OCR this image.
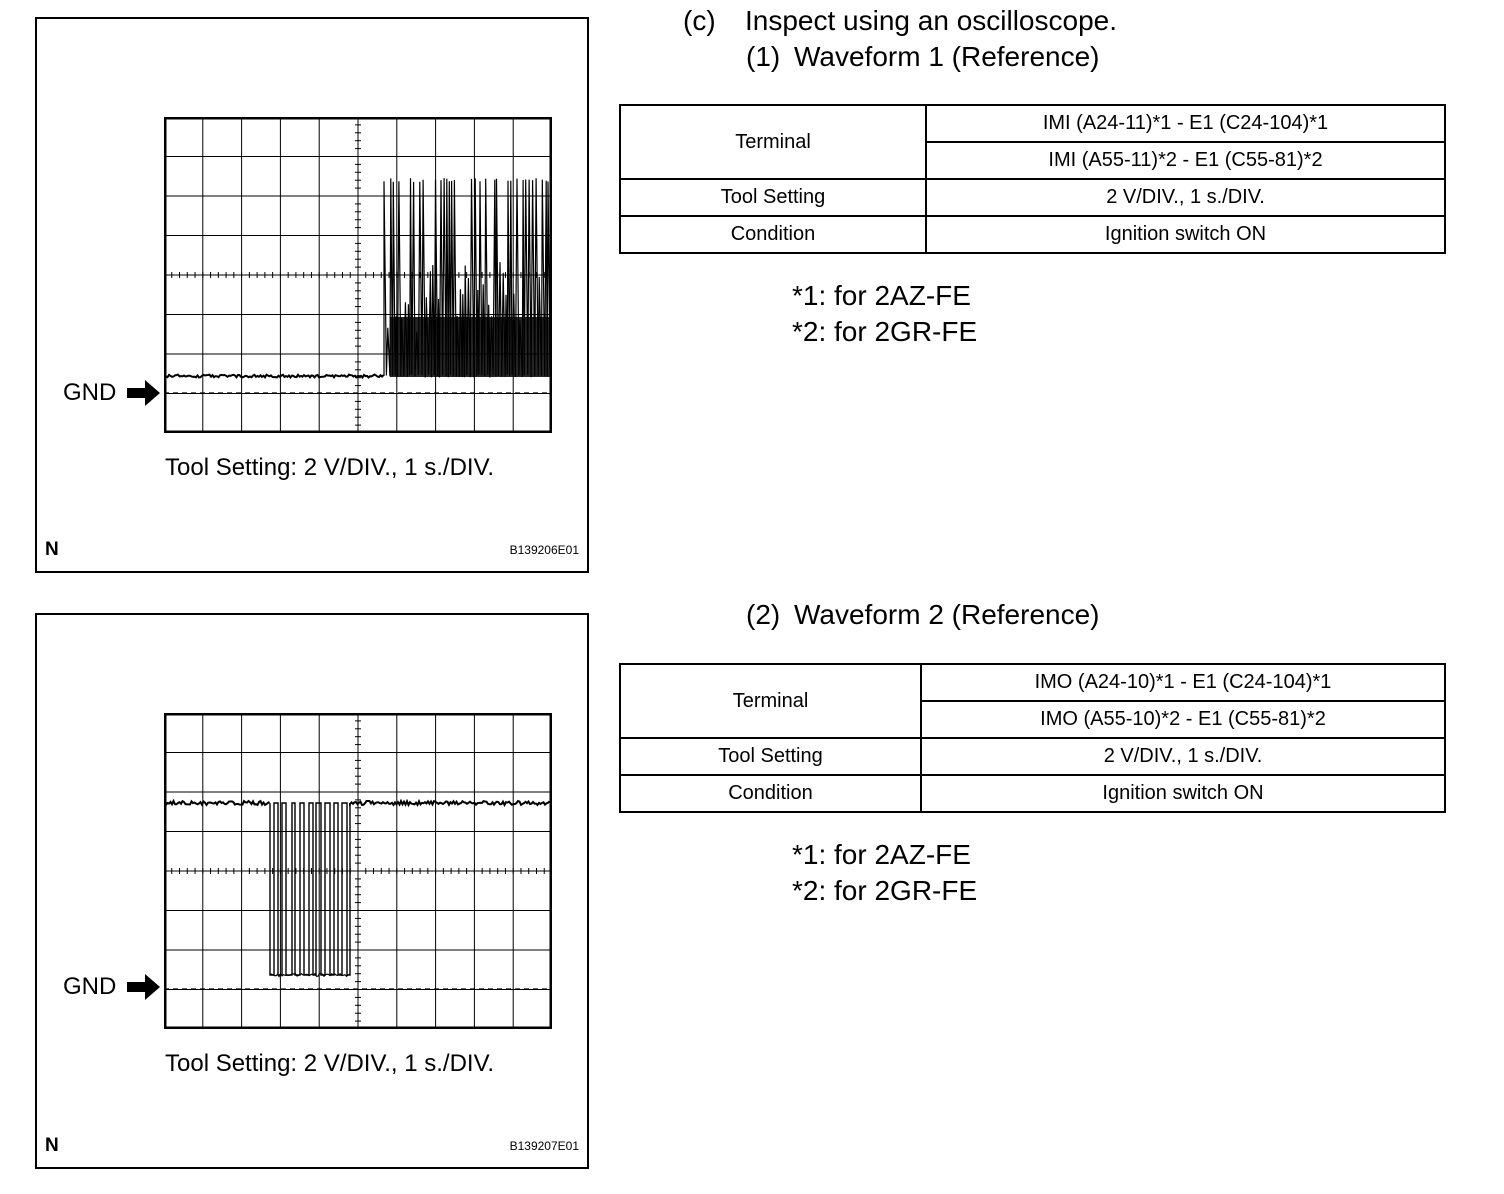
GND
Tool Setting: 2 V/DIV., 1 s./DIV.
N	B139206E01
GND
Tool Setting: 2 V/DIV., 1 s./DIV.
N	B139207E01
(c) Inspect using an oscilloscope.
(1) Waveform 1 (Reference)
Terminal	IMI (A24-11)*1 - E1 (C24-104)*1
	IMI (A55-11)*2 - E1 (C55-81)*2
Tool Setting	2 V/DIV., 1 s./DIV.
Condition	Ignition switch ON
*1: for 2AZ-FE
*2: for 2GR-FE
(2) Waveform 2 (Reference)
Terminal	IMO (A24-10)*1 - E1 (C24-104)*1
	IMO (A55-10)*2 - E1 (C55-81)*2
Tool Setting	2 V/DIV., 1 s./DIV.
Condition	Ignition switch ON
*1: for 2AZ-FE
*2: for 2GR-FE
